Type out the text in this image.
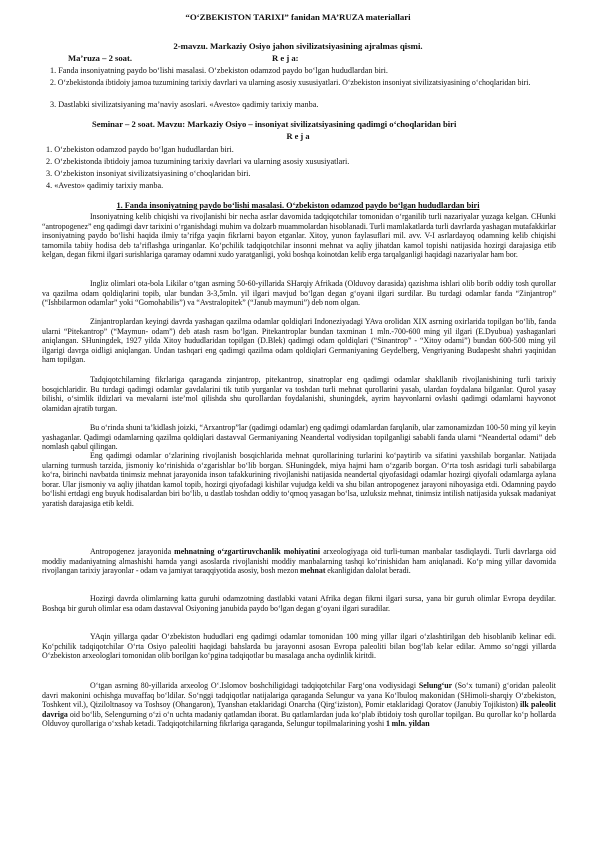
“O‘ZBEKISTON TARIXI” fanidan MA’RUZA materiallari
2-mavzu. Markaziy Osiyo jahon sivilizatsiyasining ajralmas qismi.
Ma’ruza – 2 soat.	R e j a:
1. Fanda insoniyatning paydo bo‘lishi masalasi. O‘zbekiston odamzod paydo bo‘lgan hududlardan biri.
2. O‘zbekistonda ibtidoiy jamoa tuzumining tarixiy davrlari va ularning asosiy xususiyatlari. O‘zbekiston insoniyat sivilizatsiyasining o‘choqlaridan biri.
3. Dastlabki sivilizatsiyaning ma’naviy asoslari. «Avesto» qadimiy tarixiy manba.
Seminar – 2 soat. Mavzu: Markaziy Osiyo – insoniyat sivilizatsiyasining qadimgi o‘choqlaridan biri
R e j a
1. O‘zbekiston odamzod paydo bo‘lgan hududlardan biri.
2. O‘zbekistonda ibtidoiy jamoa tuzumining tarixiy davrlari va ularning asosiy xususiyatlari.
3. O‘zbekiston insoniyat sivilizatsiyasining o‘choqlaridan biri.
4. «Avesto» qadimiy tarixiy manba.
1. Fanda insoniyatning paydo bo‘lishi masalasi. O‘zbekiston odamzod paydo bo‘lgan hududlardan biri
Insoniyatning kelib chiqishi va rivojlanishi bir necha asrlar davomida tadqiqotchilar tomonidan o‘rganilib turli nazariyalar yuzaga kelgan. CHunki “antropogenez” eng qadimgi davr tarixini o‘rganishdagi muhim va dolzarb muammolardan hisoblanadi. Turli mamlakatlarda turli davrlarda yashagan mutafakkirlar insoniyatning paydo bo‘lishi haqida ilmiy ta’rifga yaqin fikrlarni bayon etganlar. Xitoy, yunon faylasuflari mil. avv. V-I asrlardayoq odamning kelib chiqishi tamomila tabiiy hodisa deb ta’riflashga uringanlar. Ko‘pchilik tadqiqotchilar insonni mehnat va aqliy jihatdan kamol topishi natijasida hozirgi darajasiga etib kelgan, degan fikrni ilgari surishlariga qaramay odamni xudo yaratganligi, yoki boshqa koinotdan kelib erga tarqalganligi haqidagi nazariyalar ham bor.
Ingliz olimlari ota-bola Likilar o‘tgan asrning 50-60-yillarida SHarqiy Afrikada (Olduvoy darasida) qazishma ishlari olib borib oddiy tosh qurollar va qazilma odam qoldiqlarini topib, ular bundan 3-3,5mln. yil ilgari mavjud bo‘lgan degan g‘oyani ilgari surdilar. Bu turdagi odamlar fanda “Zinjantrop” (“Ishbilarmon odamlar” yoki “Gomohabilis”) va “Avstralopitek” (“Janub maymuni”) deb nom olgan.
Zinjantroplardan keyingi davrda yashagan qazilma odamlar qoldiqlari Indoneziyadagi YAva orolidan XIX asrning oxirlarida topilgan bo‘lib, fanda ularni “Pitekantrop” (“Maymun- odam”) deb atash rasm bo‘lgan. Pitekantroplar bundan taxminan 1 mln.-700-600 ming yil ilgari (E.Dyubua) yashaganlari aniqlangan. SHuningdek, 1927 yilda Xitoy hududlaridan topilgan (D.Blek) qadimgi odam qoldiqlari (“Sinantrop” - “Xitoy odami”) bundan 600-500 ming yil ilgarigi davrga oidligi aniqlangan. Undan tashqari eng qadimgi qazilma odam qoldiqlari Germaniyaning Geydelberg, Vengriyaning Budapesht shahri yaqinidan ham topilgan.
Tadqiqotchilarning fikrlariga qaraganda zinjantrop, pitekantrop, sinatroplar eng qadimgi odamlar shakllanib rivojlanishining turli tarixiy bosqichlaridir. Bu turdagi qadimgi odamlar gavdalarini tik tutib yurganlar va toshdan turli mehnat qurollarini yasab, ulardan foydalana bilganlar. Qurol yasay bilishi, o‘simlik ildizlari va mevalarni iste’mol qilishda shu qurollardan foydalanishi, shuningdek, ayrim hayvonlarni ovlashi qadimgi odamlarni hayvonot olamidan ajratib turgan.
Bu o‘rinda shuni ta’kidlash joizki, “Arxantrop”lar (qadimgi odamlar) eng qadimgi odamlardan farqlanib, ular zamonamizdan 100-50 ming yil keyin yashaganlar. Qadimgi odamlarning qazilma qoldiqlari dastavval Germaniyaning Neandertal vodiysidan topilganligi sababli fanda ularni “Neandertal odami” deb nomlash qabul qilingan.
Eng qadimgi odamlar o‘zlarining rivojlanish bosqichlarida mehnat qurollarining turlarini ko‘paytirib va sifatini yaxshilab borganlar. Natijada ularning turmush tarzida, jismoniy ko‘rinishida o‘zgarishlar bo‘lib borgan. SHuningdek, miya hajmi ham o‘zgarib borgan. O‘rta tosh asridagi turli sababilarga ko‘ra, birinchi navbatda tinimsiz mehnat jarayonida inson tafakkurining rivojlanishi natijasida neandertal qiyofasidagi odamlar hozirgi qiyofali odamlarga aylana borar. Ular jismoniy va aqliy jihatdan kamol topib, hozirgi qiyofadagi kishilar vujudga keldi va shu bilan antropogenez jarayoni nihoyasiga etdi. Odamning paydo bo‘lishi ertdagi eng buyuk hodisalardan biri bo‘lib, u dastlab toshdan oddiy to‘qmoq yasagan bo‘lsa, uzluksiz mehnat, tinimsiz intilish natijasida yuksak madaniyat yaratish darajasiga etib keldi.
Antropogenez jarayonida mehnatning o‘zgartiruvchanlik mohiyatini arxeologiyaga oid turli-tuman manbalar tasdiqlaydi. Turli davrlarga oid moddiy madaniyatning almashishi hamda yangi asoslarda rivojlanishi moddiy manbalarning tashqi ko‘rinishidan ham aniqlanadi. Ko‘p ming yillar davomida rivojlangan tarixiy jarayonlar - odam va jamiyat taraqqiyotida asosiy, bosh mezon mehnat ekanligidan dalolat beradi.
Hozirgi davrda olimlarning katta guruhi odamzotning dastlabki vatani Afrika degan fikrni ilgari sursa, yana bir guruh olimlar Evropa deydilar. Boshqa bir guruh olimlar esa odam dastavval Osiyoning janubida paydo bo‘lgan degan g‘oyani ilgari suradilar.
YAqin yillarga qadar O‘zbekiston hududlari eng qadimgi odamlar tomonidan 100 ming yillar ilgari o‘zlashtirilgan deb hisoblanib kelinar edi. Ko‘pchilik tadqiqotchilar O‘rta Osiyo paleoliti haqidagi bahslarda bu jarayonni asosan Evropa paleoliti bilan bog‘lab kelar edilar. Ammo so‘nggi yillarda O‘zbekiston arxeologlari tomonidan olib borilgan ko‘pgina tadqiqotlar bu masalaga ancha oydinlik kiritdi.
O‘tgan asrning 80-yillarida arxeolog O‘.Islomov boshchiligidagi tadqiqotchilar Farg‘ona vodiysidagi Selung‘ur (So‘x tumani) g‘oridan paleolit davri makonini ochishga muvaffaq bo‘ldilar. So‘nggi tadqiqotlar natijalariga qaraganda Selungur va yana Ko‘lbuloq makonidan (SHimoli-sharqiy O‘zbekiston, Toshkent vil.), Qiziloltnasoy va Toshsoy (Ohangaron), Tyanshan etaklaridagi Onarcha (Qirg‘iziston), Pomir etaklaridagi Qoratov (Janubiy Tojikiston) ilk paleolit davriga oid bo‘lib, Selengurning o‘zi o‘n uchta madaniy qatlamdan iborat. Bu qatlamlardan juda ko‘plab ibtidoiy tosh qurollar topilgan. Bu qurollar ko‘p hollarda Olduvoy qurollariga o‘xshab ketadi. Tadqiqotchilarning fikrlariga qaraganda, Selungur topilmalarining yoshi 1 mln. yildan
